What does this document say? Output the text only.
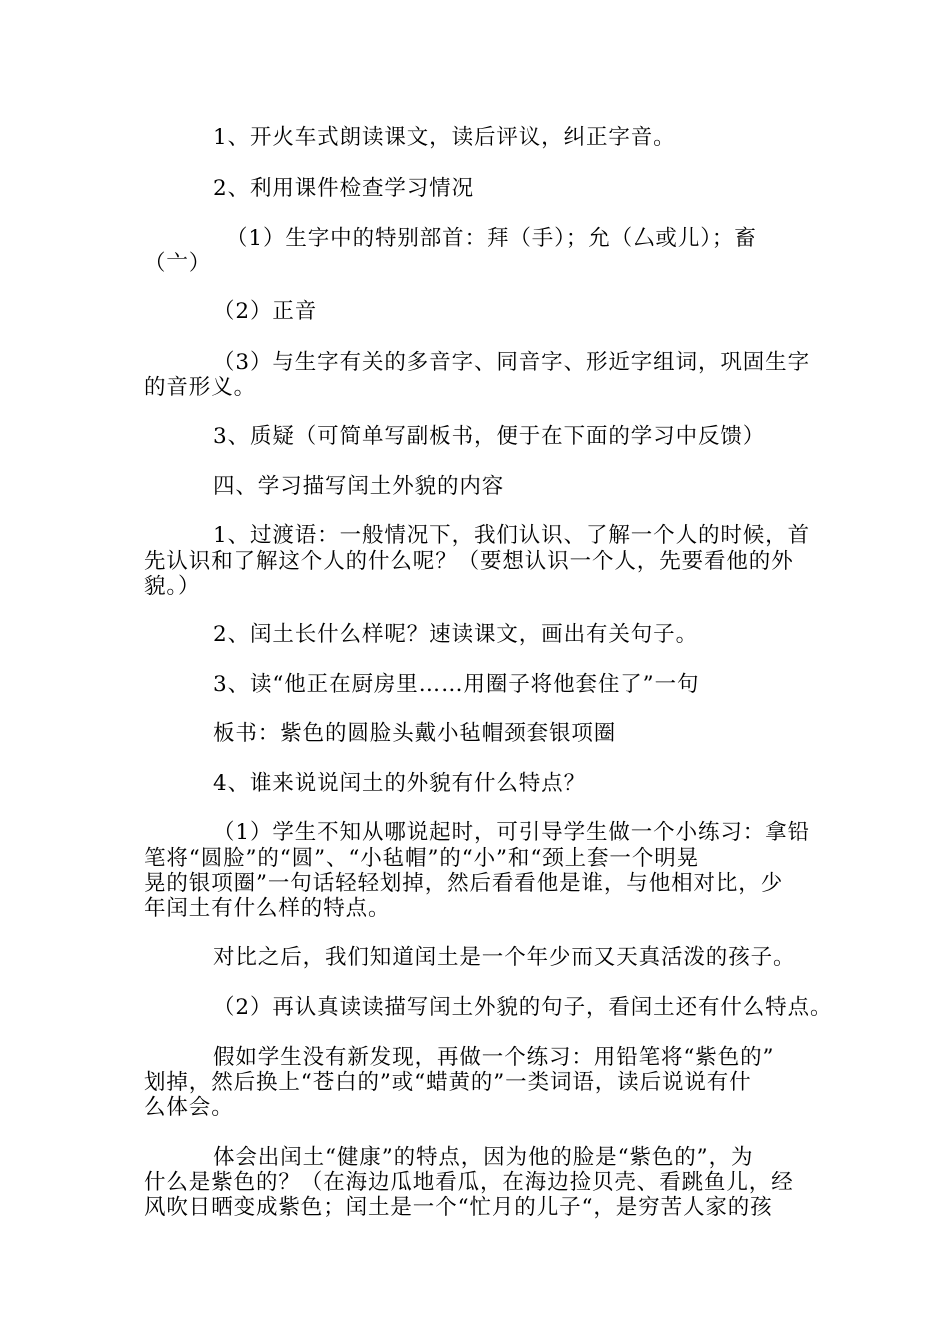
1、开火车式朗读课文，读后评议，纠正字音。
2、利用课件检查学习情况
（1）生字中的特别部首：拜（手）；允（厶或儿）；畜
（亠）
（2）正音
（3）与生字有关的多音字、同音字、形近字组词，巩固生字
的音形义。
3、质疑（可简单写副板书，便于在下面的学习中反馈）
四、学习描写闰土外貌的内容
1、过渡语：一般情况下，我们认识、了解一个人的时候，首
先认识和了解这个人的什么呢？（要想认识一个人，先要看他的外
貌。）
2、闰土长什么样呢？速读课文，画出有关句子。
3、读“他正在厨房里……用圈子将他套住了”一句
板书：紫色的圆脸头戴小毡帽颈套银项圈
4、谁来说说闰土的外貌有什么特点？
（1）学生不知从哪说起时，可引导学生做一个小练习：拿铅
笔将“圆脸”的“圆”、“小毡帽”的“小”和“颈上套一个明晃
晃的银项圈”一句话轻轻划掉，然后看看他是谁，与他相对比，少
年闰土有什么样的特点。
对比之后，我们知道闰土是一个年少而又天真活泼的孩子。
（2）再认真读读描写闰土外貌的句子，看闰土还有什么特点。
假如学生没有新发现，再做一个练习：用铅笔将“紫色的”
划掉，然后换上“苍白的”或“蜡黄的”一类词语，读后说说有什
么体会。
体会出闰土“健康”的特点，因为他的脸是“紫色的”，为
什么是紫色的？（在海边瓜地看瓜，在海边捡贝壳、看跳鱼儿，经
风吹日晒变成紫色；闰土是一个“忙月的儿子“，是穷苦人家的孩
